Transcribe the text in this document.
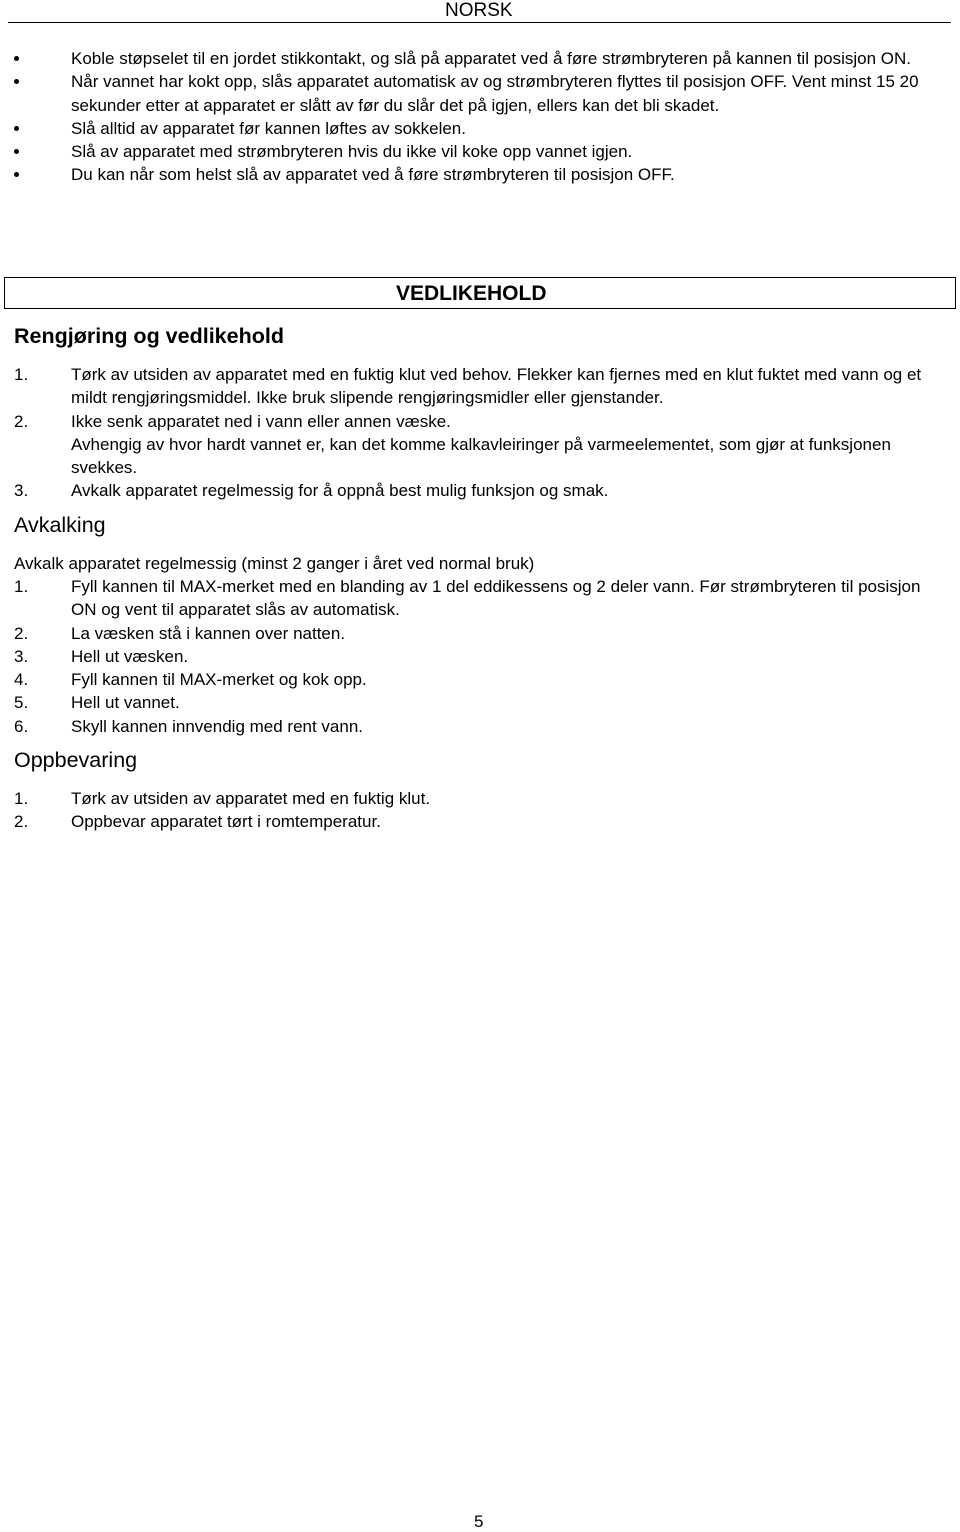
NORSK
Koble støpselet til en jordet stikkontakt, og slå på apparatet ved å føre strømbryteren på kannen til posisjon ON.
Når vannet har kokt opp, slås apparatet automatisk av og strømbryteren flyttes til posisjon OFF. Vent minst 15 20 sekunder etter at apparatet er slått av før du slår det på igjen, ellers kan det bli skadet.
Slå alltid av apparatet før kannen løftes av sokkelen.
Slå av apparatet med strømbryteren hvis du ikke vil koke opp vannet igjen.
Du kan når som helst slå av apparatet ved å føre strømbryteren til posisjon OFF.
VEDLIKEHOLD
Rengjøring og vedlikehold
1.	Tørk av utsiden av apparatet med en fuktig klut ved behov. Flekker kan fjernes med en klut fuktet med vann og et mildt rengjøringsmiddel. Ikke bruk slipende rengjøringsmidler eller gjenstander.
2.	Ikke senk apparatet ned i vann eller annen væske.
Avhengig av hvor hardt vannet er, kan det komme kalkavleiringer på varmeelementet, som gjør at funksjonen svekkes.
3.	Avkalk apparatet regelmessig for å oppnå best mulig funksjon og smak.
Avkalking
Avkalk apparatet regelmessig (minst 2 ganger i året ved normal bruk)
1.	Fyll kannen til MAX-merket med en blanding av 1 del eddikessens og 2 deler vann. Før strømbryteren til posisjon ON og vent til apparatet slås av automatisk.
2.	La væsken stå i kannen over natten.
3.	Hell ut væsken.
4.	Fyll kannen til MAX-merket og kok opp.
5.	Hell ut vannet.
6.	Skyll kannen innvendig med rent vann.
Oppbevaring
1.	Tørk av utsiden av apparatet med en fuktig klut.
2.	Oppbevar apparatet tørt i romtemperatur.
5
